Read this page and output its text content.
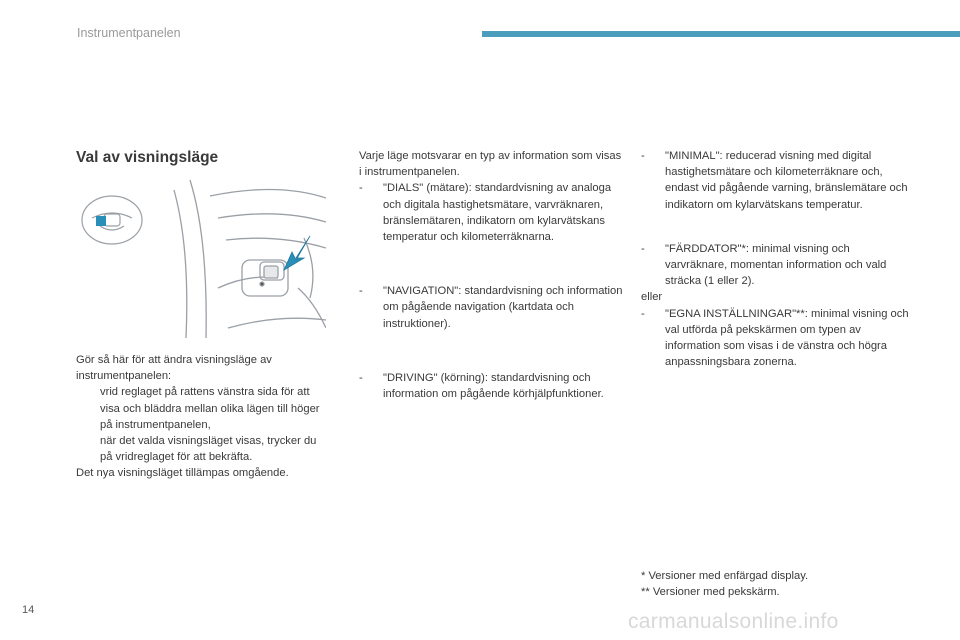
Instrumentpanelen
Val av visningsläge

Gör så här för att ändra visningsläge av instrumentpanelen:

vrid reglaget på rattens vänstra sida för att visa och bläddra mellan olika lägen till höger på instrumentpanelen,

när det valda visningsläget visas, trycker du på vridreglaget för att bekräfta.

Det nya visningsläget tillämpas omgående.

Varje läge motsvarar en typ av information som visas i instrumentpanelen.

- "DIALS" (mätare): standardvisning av analoga och digitala hastighetsmätare, varvräknaren, bränslemätaren, indikatorn om kylarvätskans temperatur och kilometerräknarna.

- "NAVIGATION": standardvisning och information om pågående navigation (kartdata och instruktioner).

- "DRIVING" (körning): standardvisning och information om pågående körhjälpfunktioner.

- "MINIMAL": reducerad visning med digital hastighetsmätare och kilometerräknare och, endast vid pågående varning, bränslemätare och indikatorn om kylarvätskans temperatur.

- "FÄRDDATOR"*: minimal visning och varvräknare, momentan information och vald sträcka (1 eller 2).

eller

- "EGNA INSTÄLLNINGAR"**: minimal visning och val utförda på pekskärmen om typen av information som visas i de vänstra och högra anpassningsbara zonerna.

* Versioner med enfärgad display.

** Versioner med pekskärm.

14	carmanualsonline.info
